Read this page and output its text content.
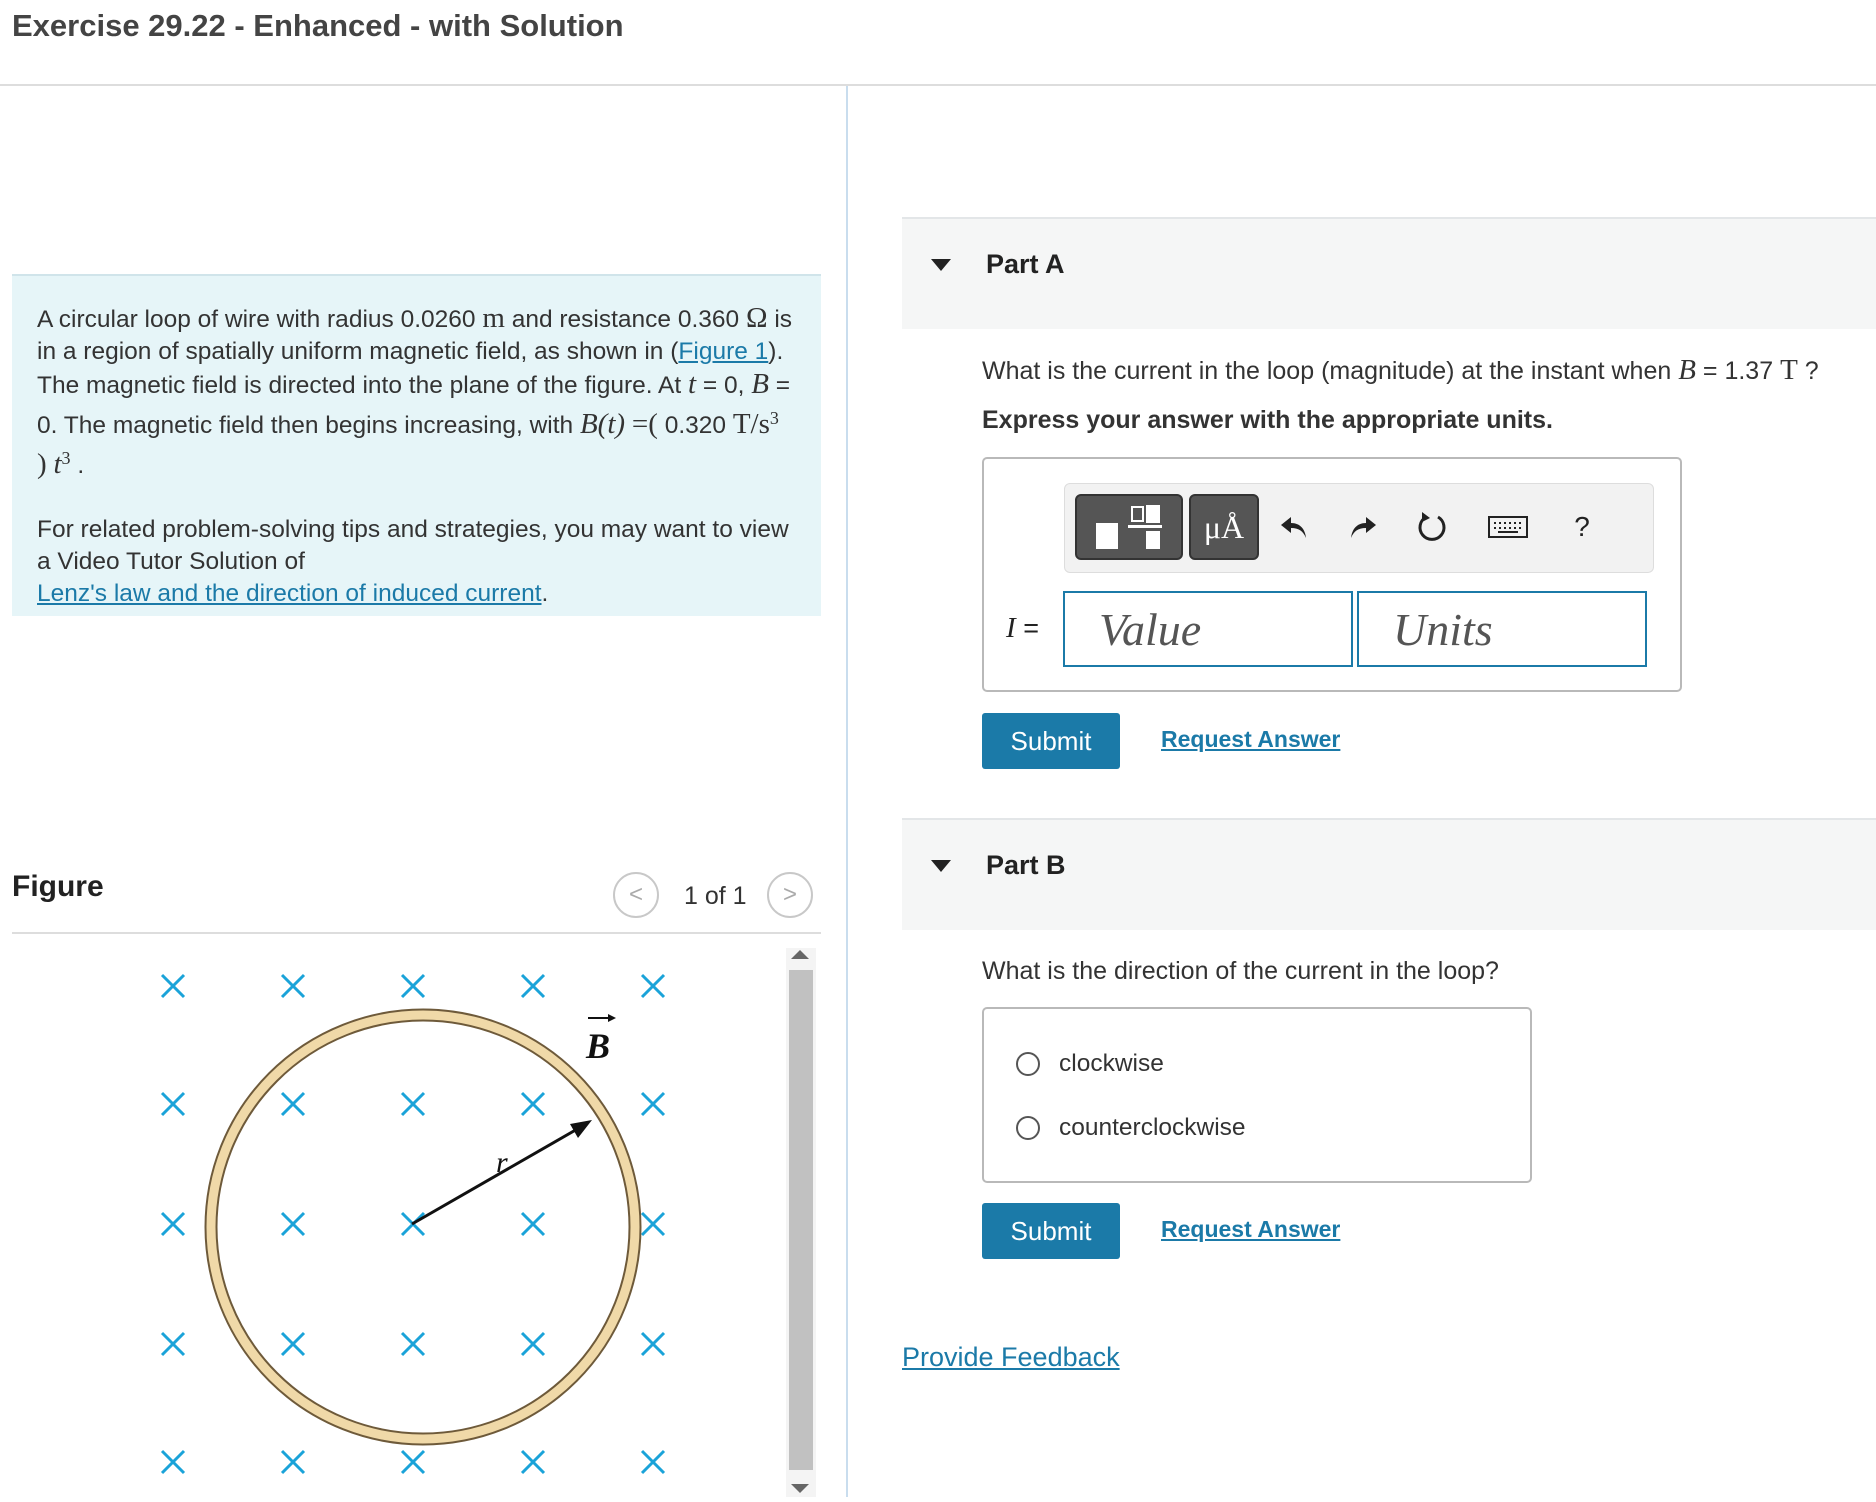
Exercise 29.22 - Enhanced - with Solution

A circular loop of wire with radius 0.0260 m and resistance 0.360 Ω is in a region of spatially uniform magnetic field, as shown in (Figure 1). The magnetic field is directed into the plane of the figure. At t = 0, B = 0. The magnetic field then begins increasing, with B(t) =( 0.320 $T/s^3$ ) $t^3$ .

For related problem-solving tips and strategies, you may want to view a Video Tutor Solution of
Lenz's law and the direction of induced current.

Figure	<	1 of 1	>
r
B
Part A
What is the current in the loop (magnitude) at the instant when B = 1.37 T ?
Express your answer with the appropriate units.
μÅ	?
I =
Value
Units
Submit	Request Answer
Part B
What is the direction of the current in the loop?
clockwise
counterclockwise
Submit	Request Answer
Provide Feedback
